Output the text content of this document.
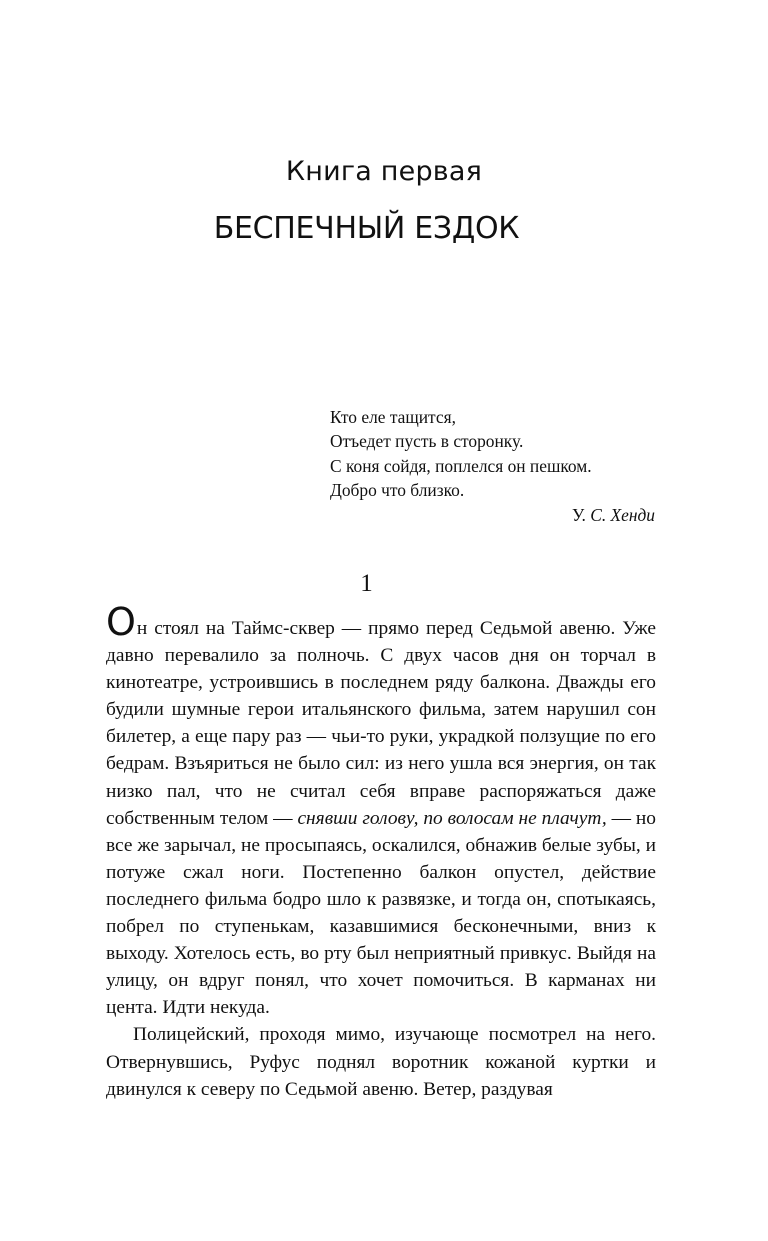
Книга первая
БЕСПЕЧНЫЙ ЕЗДОК
Кто еле тащится,
Отъедет пусть в сторонку.
С коня сойдя, поплелся он пешком.
Добро что близко.
У. С. Хенди
1

Он стоял на Таймс-сквер — прямо перед Седьмой авеню. Уже давно перевалило за полночь. С двух часов дня он торчал в кинотеатре, устроившись в последнем ряду балкона. Дважды его будили шумные герои итальянского фильма, затем нарушил сон билетер, а еще пару раз — чьи-то руки, украдкой ползущие по его бедрам. Взъяриться не было сил: из него ушла вся энергия, он так низко пал, что не считал себя вправе распоряжаться даже собственным телом — снявши голову, по волосам не плачут, — но все же зарычал, не просыпаясь, оскалился, обнажив белые зубы, и потуже сжал ноги. Постепенно балкон опустел, действие последнего фильма бодро шло к развязке, и тогда он, спотыкаясь, побрел по ступенькам, казавшимися бесконечными, вниз к выходу. Хотелось есть, во рту был неприятный привкус. Выйдя на улицу, он вдруг понял, что хочет помочиться. В карманах ни цента. Идти некуда.

Полицейский, проходя мимо, изучающе посмотрел на него. Отвернувшись, Руфус поднял воротник кожаной куртки и двинулся к северу по Седьмой авеню. Ветер, раздувая
